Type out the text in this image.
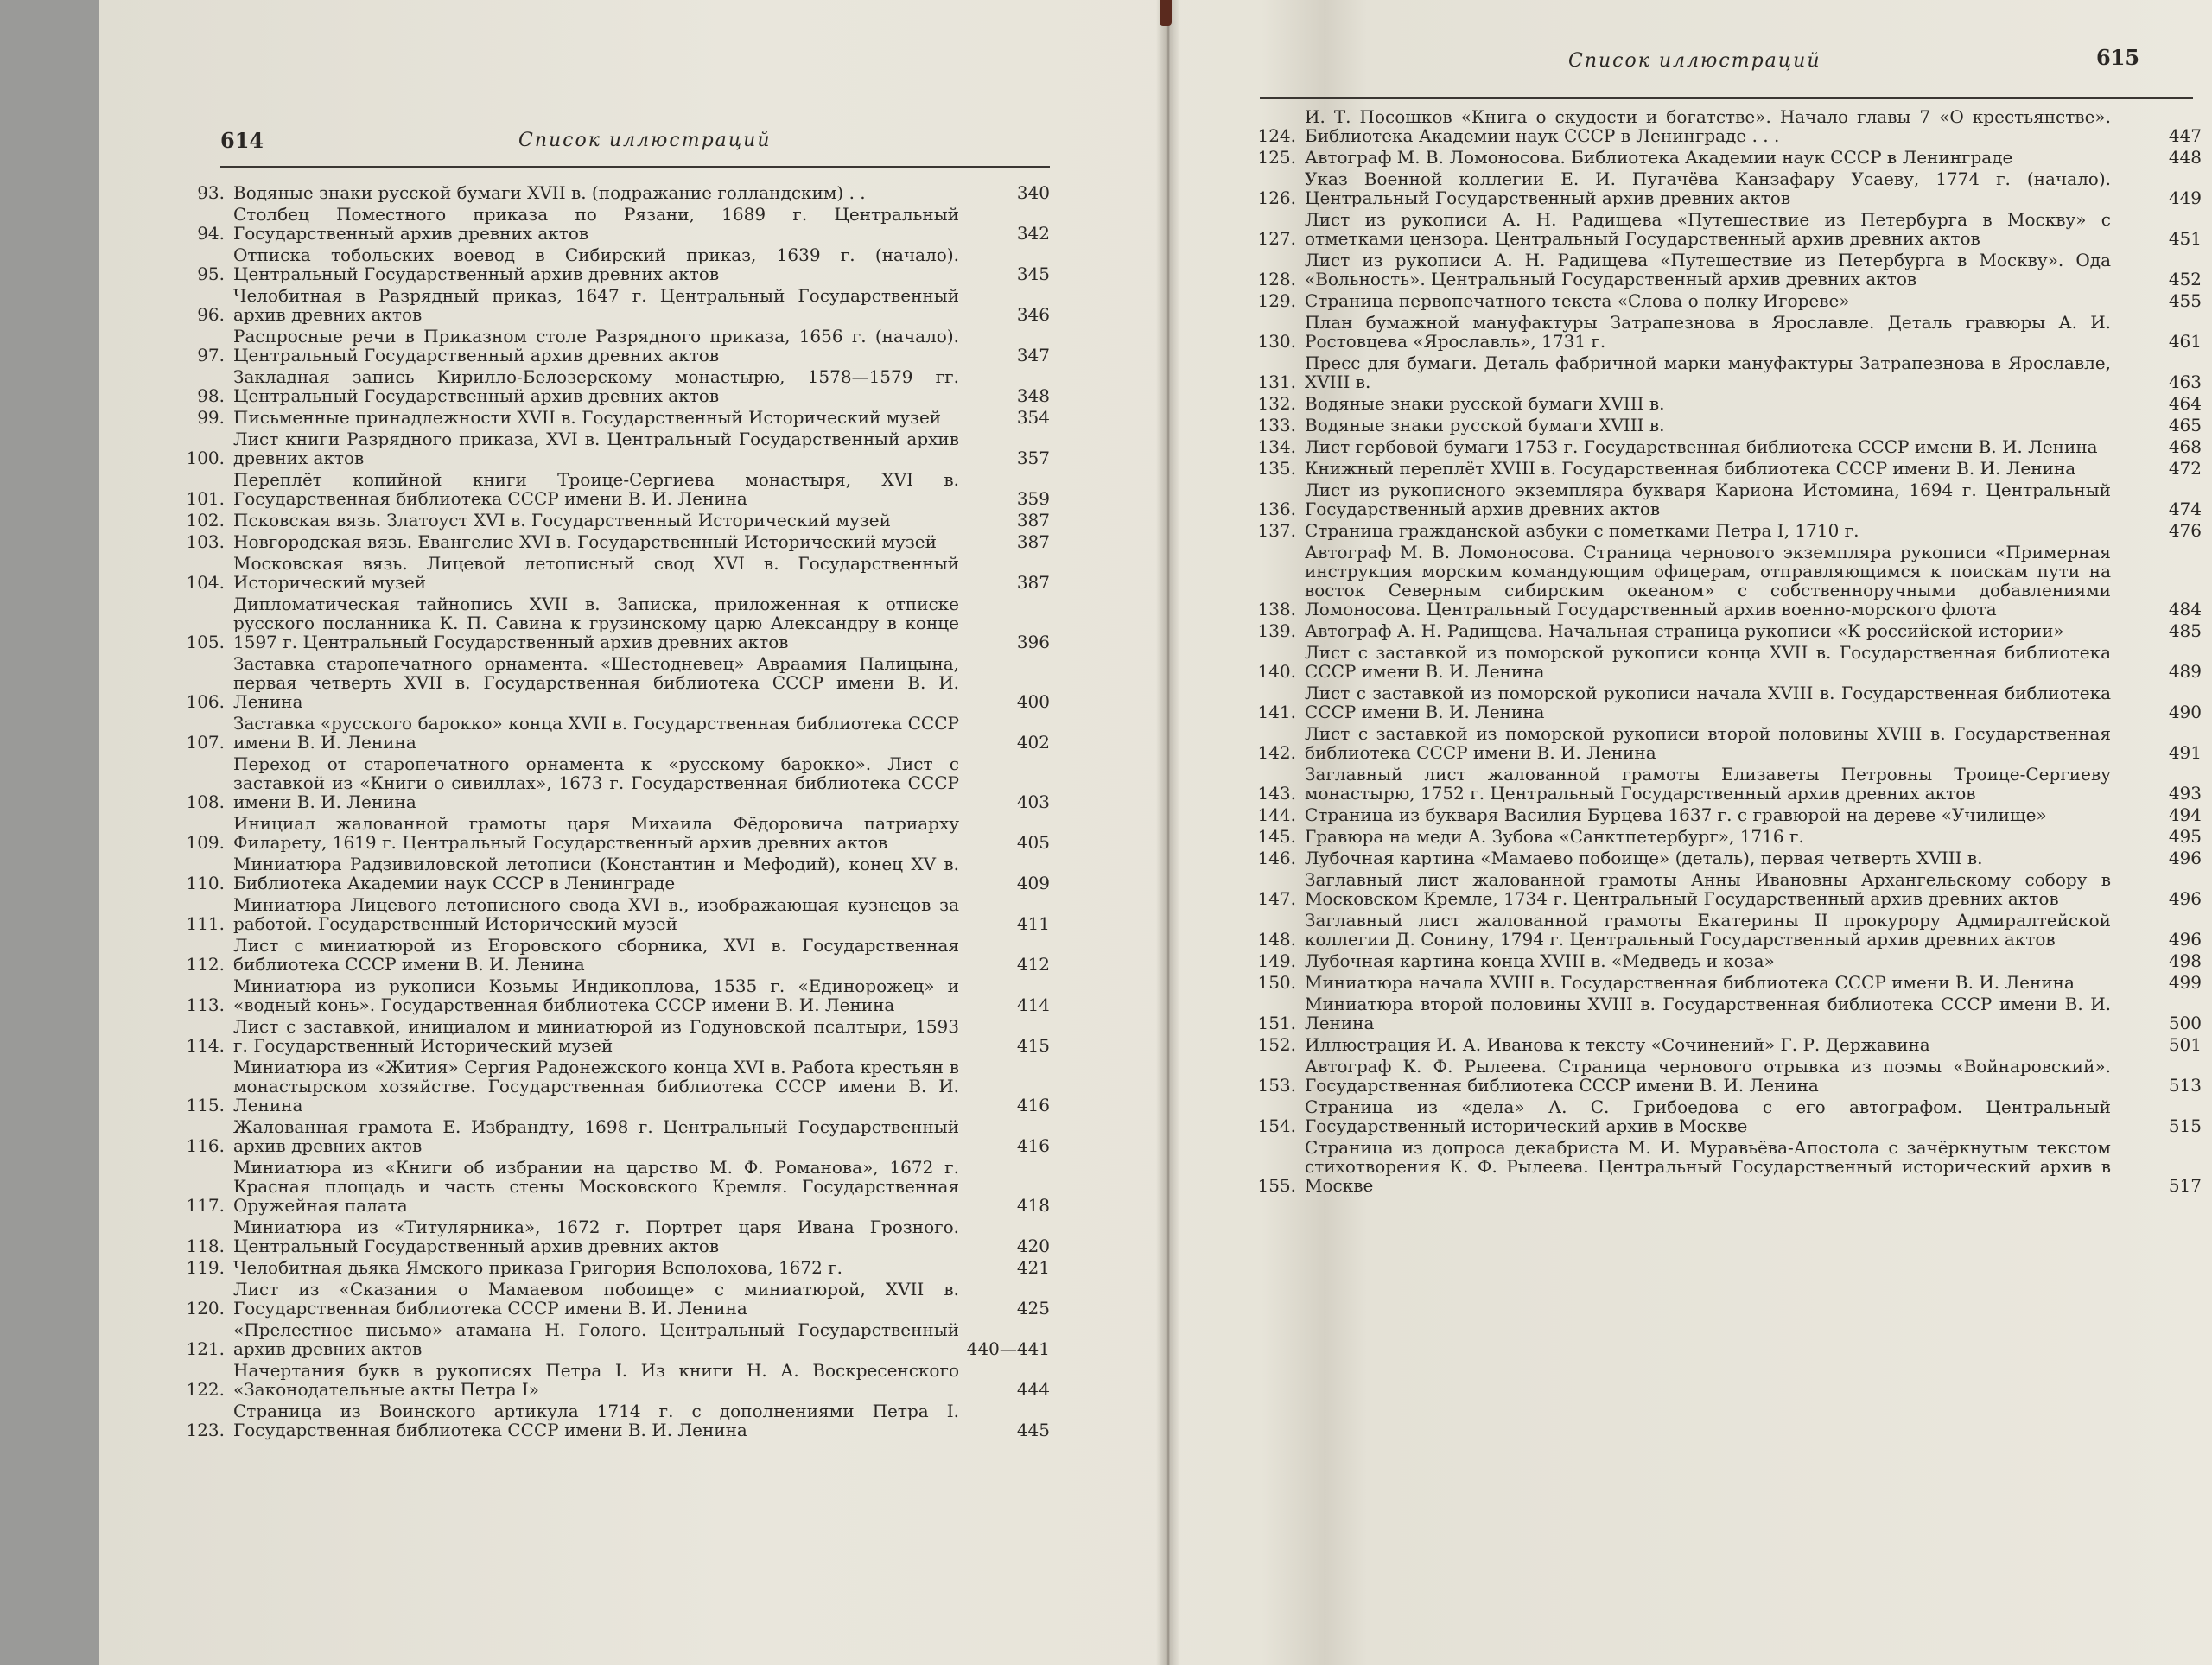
614	Список иллюстраций
93. Водяные знаки русской бумаги XVII в. (подражание голландским) . .	340
94.
Столбец Поместного приказа по Рязани, 1689 г. Центральный Государственный архив древних актов	342
95.
Отписка тобольских воевод в Сибирский приказ, 1639 г. (начало). Центральный Государственный архив древних актов	345
96.
Челобитная в Разрядный приказ, 1647 г. Центральный Государственный архив древних актов	346
97.
Распросные речи в Приказном столе Разрядного приказа, 1656 г. (начало). Центральный Государственный архив древних актов	347
98.
Закладная запись Кирилло-Белозерскому монастырю, 1578—1579 гг. Центральный Государственный архив древних актов	348
99. Письменные принадлежности XVII в. Государственный Исторический музей	354
100.
Лист книги Разрядного приказа, XVI в. Центральный Государственный архив древних актов	357
101.
Переплёт копийной книги Троице-Сергиева монастыря, XVI в. Государственная библиотека СССР имени В. И. Ленина	359
102. Псковская вязь. Златоуст XVI в. Государственный Исторический музей	387
103. Новгородская вязь. Евангелие XVI в. Государственный Исторический музей	387
104.
Московская вязь. Лицевой летописный свод XVI в. Государственный Исторический музей	387
105.
Дипломатическая тайнопись XVII в. Записка, приложенная к отписке русского посланника К. П. Савина к грузинскому царю Александру в конце 1597 г. Центральный Государственный архив древних актов	396
106.
Заставка старопечатного орнамента. «Шестодневец» Авраамия Палицына, первая четверть XVII в. Государственная библиотека СССР имени В. И. Ленина	400
107.
Заставка «русского барокко» конца XVII в. Государственная библиотека СССР имени В. И. Ленина	402
108.
Переход от старопечатного орнамента к «русскому барокко». Лист с заставкой из «Книги о сивиллах», 1673 г. Государственная библиотека СССР имени В. И. Ленина	403
109.
Инициал жалованной грамоты царя Михаила Фёдоровича патриарху Филарету, 1619 г. Центральный Государственный архив древних актов	405
110.
Миниатюра Радзивиловской летописи (Константин и Мефодий), конец XV в. Библиотека Академии наук СССР в Ленинграде	409
111.
Миниатюра Лицевого летописного свода XVI в., изображающая кузнецов за работой. Государственный Исторический музей	411
112.
Лист с миниатюрой из Егоровского сборника, XVI в. Государственная библиотека СССР имени В. И. Ленина	412
113.
Миниатюра из рукописи Козьмы Индикоплова, 1535 г. «Единорожец» и «водный конь». Государственная библиотека СССР имени В. И. Ленина	414
114.
Лист с заставкой, инициалом и миниатюрой из Годуновской псалтыри, 1593 г. Государственный Исторический музей	415
115.
Миниатюра из «Жития» Сергия Радонежского конца XVI в. Работа крестьян в монастырском хозяйстве. Государственная библиотека СССР имени В. И. Ленина	416
116.
Жалованная грамота Е. Избрандту, 1698 г. Центральный Государственный архив древних актов	416
117.
Миниатюра из «Книги об избрании на царство М. Ф. Романова», 1672 г. Красная площадь и часть стены Московского Кремля. Государственная Оружейная палата	418
118.
Миниатюра из «Титулярника», 1672 г. Портрет царя Ивана Грозного. Центральный Государственный архив древних актов	420
119. Челобитная дьяка Ямского приказа Григория Всполохова, 1672 г.	421
120.
Лист из «Сказания о Мамаевом побоище» с миниатюрой, XVII в. Государственная библиотека СССР имени В. И. Ленина	425
121.
«Прелестное письмо» атамана Н. Голого. Центральный Государственный архив древних актов	440—441
122.
Начертания букв в рукописях Петра I. Из книги Н. А. Воскресенского «Законодательные акты Петра I»	444
123.
Страница из Воинского артикула 1714 г. с дополнениями Петра I. Государственная библиотека СССР имени В. И. Ленина	445
Список иллюстраций	615
124.
И. Т. Посошков «Книга о скудости и богатстве». Начало главы 7 «О крестьянстве». Библиотека Академии наук СССР в Ленинграде . . .	447
125. Автограф М. В. Ломоносова. Библиотека Академии наук СССР в Ленинграде	448
126.
Указ Военной коллегии Е. И. Пугачёва Канзафару Усаеву, 1774 г. (начало). Центральный Государственный архив древних актов	449
127.
Лист из рукописи А. Н. Радищева «Путешествие из Петербурга в Москву» с отметками цензора. Центральный Государственный архив древних актов	451
128.
Лист из рукописи А. Н. Радищева «Путешествие из Петербурга в Москву». Ода «Вольность». Центральный Государственный архив древних актов	452
129. Страница первопечатного текста «Слова о полку Игореве»	455
130.
План бумажной мануфактуры Затрапезнова в Ярославле. Деталь гравюры А. И. Ростовцева «Ярославль», 1731 г.	461
131.
Пресс для бумаги. Деталь фабричной марки мануфактуры Затрапезнова в Ярославле, XVIII в.	463
132. Водяные знаки русской бумаги XVIII в.	464
133. Водяные знаки русской бумаги XVIII в.	465
134. Лист гербовой бумаги 1753 г. Государственная библиотека СССР имени В. И. Ленина	468
135. Книжный переплёт XVIII в. Государственная библиотека СССР имени В. И. Ленина	472
136.
Лист из рукописного экземпляра букваря Кариона Истомина, 1694 г. Центральный Государственный архив древних актов	474
137. Страница гражданской азбуки с пометками Петра I, 1710 г.	476
138.
Автограф М. В. Ломоносова. Страница чернового экземпляра рукописи «Примерная инструкция морским командующим офицерам, отправляющимся к поискам пути на восток Северным сибирским океаном» с собственноручными добавлениями Ломоносова. Центральный Государственный архив военно-морского флота	484
139. Автограф А. Н. Радищева. Начальная страница рукописи «К российской истории»	485
140.
Лист с заставкой из поморской рукописи конца XVII в. Государственная библиотека СССР имени В. И. Ленина	489
141.
Лист с заставкой из поморской рукописи начала XVIII в. Государственная библиотека СССР имени В. И. Ленина	490
142.
Лист с заставкой из поморской рукописи второй половины XVIII в. Государственная библиотека СССР имени В. И. Ленина	491
143.
Заглавный лист жалованной грамоты Елизаветы Петровны Троице-Сергиеву монастырю, 1752 г. Центральный Государственный архив древних актов	493
144. Страница из букваря Василия Бурцева 1637 г. с гравюрой на дереве «Училище»	494
145. Гравюра на меди А. Зубова «Санктпетербург», 1716 г.	495
146. Лубочная картина «Мамаево побоище» (деталь), первая четверть XVIII в.	496
147.
Заглавный лист жалованной грамоты Анны Ивановны Архангельскому собору в Московском Кремле, 1734 г. Центральный Государственный архив древних актов	496
148.
Заглавный лист жалованной грамоты Екатерины II прокурору Адмиралтейской коллегии Д. Сонину, 1794 г. Центральный Государственный архив древних актов	496
149. Лубочная картина конца XVIII в. «Медведь и коза»	498
150. Миниатюра начала XVIII в. Государственная библиотека СССР имени В. И. Ленина	499
151.
Миниатюра второй половины XVIII в. Государственная библиотека СССР имени В. И. Ленина	500
152. Иллюстрация И. А. Иванова к тексту «Сочинений» Г. Р. Державина	501
153.
Автограф К. Ф. Рылеева. Страница чернового отрывка из поэмы «Войнаровский». Государственная библиотека СССР имени В. И. Ленина	513
154.
Страница из «дела» А. С. Грибоедова с его автографом. Центральный Государственный исторический архив в Москве	515
155.
Страница из допроса декабриста М. И. Муравьёва-Апостола с зачёркнутым текстом стихотворения К. Ф. Рылеева. Центральный Государственный исторический архив в Москве	517
